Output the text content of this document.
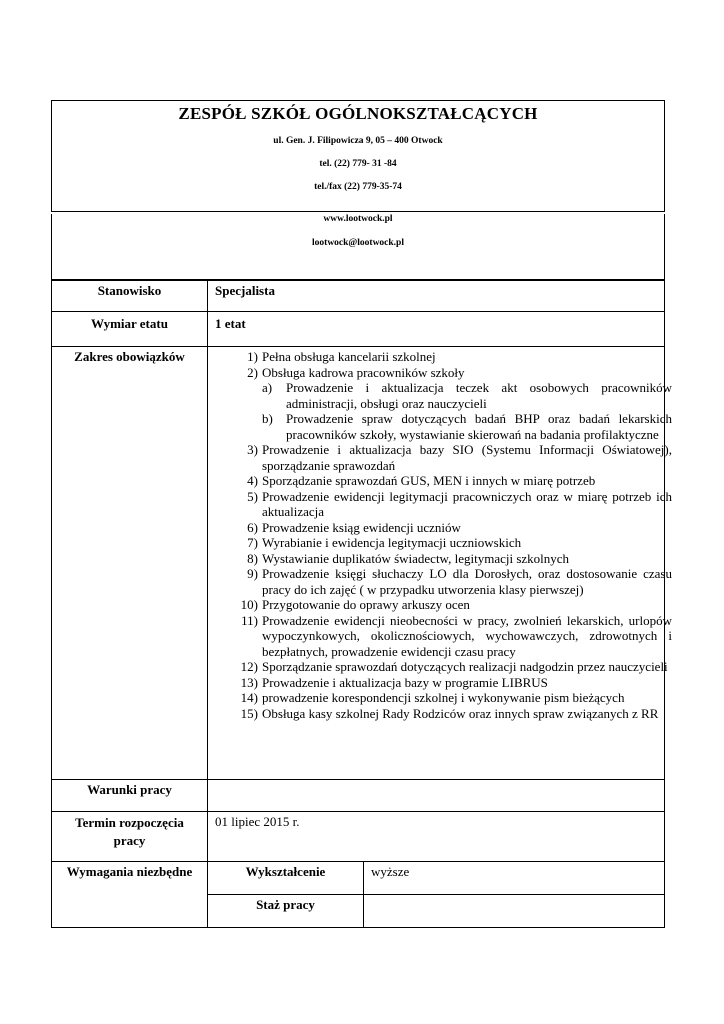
ZESPÓŁ SZKÓŁ OGÓLNOKSZTAŁCĄCYCH
ul. Gen. J. Filipowicza 9, 05 – 400 Otwock
tel. (22) 779- 31 -84
tel./fax (22) 779-35-74
www.lootwock.pl
lootwock@lootwock.pl
Stanowisko	Specjalista
Wymiar etatu	1 etat
Zakres obowiązków	1) Pełna obsługa kancelarii szkolnej
2) Obsługa kadrowa pracowników szkoły
a)	Prowadzenie i aktualizacja teczek akt osobowych pracowników administracji, obsługi oraz nauczycieli
b)	Prowadzenie spraw dotyczących badań BHP oraz badań lekarskich pracowników szkoły, wystawianie skierowań na badania profilaktyczne
3) Prowadzenie i aktualizacja bazy SIO (Systemu Informacji Oświatowej), sporządzanie sprawozdań
4) Sporządzanie sprawozdań GUS, MEN i innych w miarę potrzeb
5) Prowadzenie ewidencji legitymacji pracowniczych oraz w miarę potrzeb ich aktualizacja
6) Prowadzenie ksiąg ewidencji uczniów
7) Wyrabianie i ewidencja legitymacji uczniowskich
8) Wystawianie duplikatów świadectw, legitymacji szkolnych
9) Prowadzenie księgi słuchaczy LO dla Dorosłych, oraz dostosowanie czasu pracy do ich zajęć ( w przypadku utworzenia klasy pierwszej)
10) Przygotowanie do oprawy arkuszy ocen
11) Prowadzenie ewidencji nieobecności w pracy, zwolnień lekarskich, urlopów wypoczynkowych, okolicznościowych, wychowawczych, zdrowotnych i bezpłatnych, prowadzenie ewidencji czasu pracy
12) Sporządzanie sprawozdań dotyczących realizacji nadgodzin przez nauczycieli
13) Prowadzenie i aktualizacja bazy w programie LIBRUS
14) prowadzenie korespondencji szkolnej i wykonywanie pism bieżących
15) Obsługa kasy szkolnej Rady Rodziców oraz innych spraw związanych z RR

Warunki pracy	

Termin rozpoczęcia
pracy
	01 lipiec 2015 r.
Wymagania niezbędne		Wykształcenie	wyższe
Staż pracy	
